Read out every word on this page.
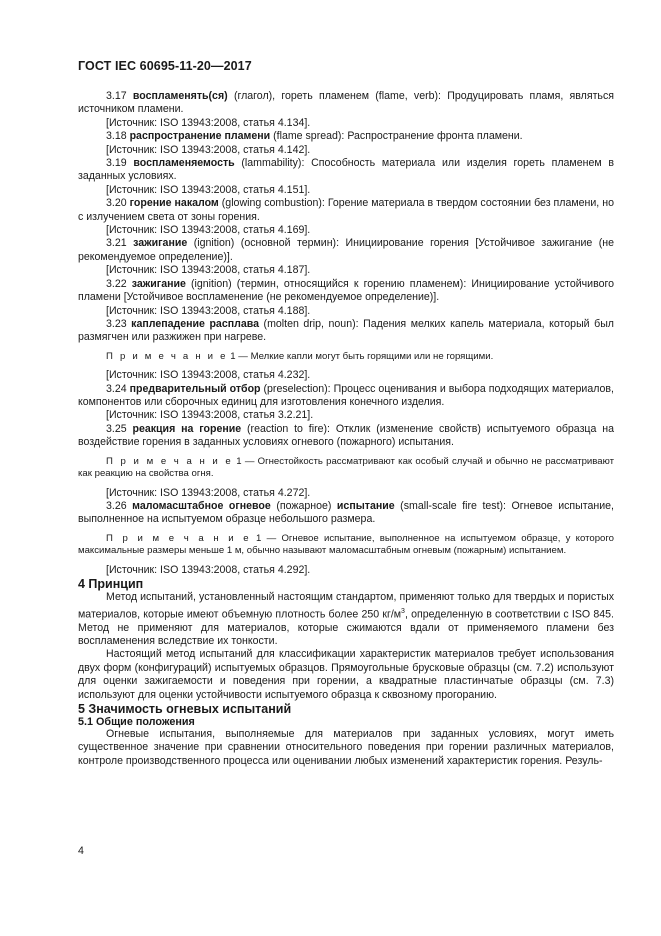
ГОСТ IEC 60695-11-20—2017

3.17 воспламенять(ся) (глагол), гореть пламенем (flame, verb): Продуцировать пламя, являться источником пламени.

[Источник: ISO 13943:2008, статья 4.134].

3.18 распространение пламени (flame spread): Распространение фронта пламени.

[Источник: ISO 13943:2008, статья 4.142].

3.19 воспламеняемость (lammability): Способность материала или изделия гореть пламенем в заданных условиях.

[Источник: ISO 13943:2008, статья 4.151].

3.20 горение накалом (glowing combustion): Горение материала в твердом состоянии без пламени, но с излучением света от зоны горения.

[Источник: ISO 13943:2008, статья 4.169].

3.21 зажигание (ignition) (основной термин): Инициирование горения [Устойчивое зажигание (не рекомендуемое определение)].

[Источник: ISO 13943:2008, статья 4.187].

3.22 зажигание (ignition) (термин, относящийся к горению пламенем): Инициирование устойчивого пламени [Устойчивое воспламенение (не рекомендуемое определение)].

[Источник: ISO 13943:2008, статья 4.188].

3.23 каплепадение расплава (molten drip, noun): Падения мелких капель материала, который был размягчен или разжижен при нагреве.

П р и м е ч а н и е 1 — Мелкие капли могут быть горящими или не горящими.

[Источник: ISO 13943:2008, статья 4.232].

3.24 предварительный отбор (preselection): Процесс оценивания и выбора подходящих материалов, компонентов или сборочных единиц для изготовления конечного изделия.

[Источник: ISO 13943:2008, статья 3.2.21].

3.25 реакция на горение (reaction to fire): Отклик (изменение свойств) испытуемого образца на воздействие горения в заданных условиях огневого (пожарного) испытания.

П р и м е ч а н и е 1 — Огнестойкость рассматривают как особый случай и обычно не рассматривают как реакцию на свойства огня.

[Источник: ISO 13943:2008, статья 4.272].

3.26 маломасштабное огневое (пожарное) испытание (small-scale fire test): Огневое испытание, выполненное на испытуемом образце небольшого размера.

П р и м е ч а н и е 1 — Огневое испытание, выполненное на испытуемом образце, у которого максимальные размеры меньше 1 м, обычно называют маломасштабным огневым (пожарным) испытанием.

[Источник: ISO 13943:2008, статья 4.292].

4 Принцип

Метод испытаний, установленный настоящим стандартом, применяют только для твердых и пористых материалов, которые имеют объемную плотность более 250 $кг/м^3$, определенную в соответствии с ISO 845. Метод не применяют для материалов, которые сжимаются вдали от применяемого пламени без воспламенения вследствие их тонкости.

Настоящий метод испытаний для классификации характеристик материалов требует использования двух форм (конфигураций) испытуемых образцов. Прямоугольные брусковые образцы (см. 7.2) используют для оценки зажигаемости и поведения при горении, а квадратные пластинчатые образцы (см. 7.3) используют для оценки устойчивости испытуемого образца к сквозному прогоранию.

5 Значимость огневых испытаний
5.1 Общие положения

Огневые испытания, выполняемые для материалов при заданных условиях, могут иметь существенное значение при сравнении относительного поведения при горении различных материалов, контроле производственного процесса или оценивании любых изменений характеристик горения. Резуль-

4
